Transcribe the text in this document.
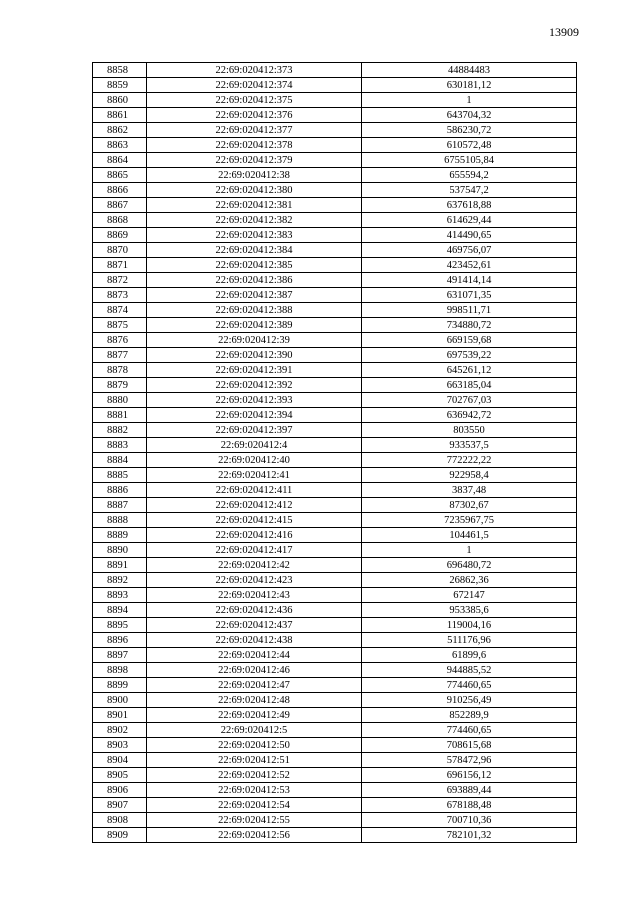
13909
8858	22:69:020412:373	44884483
8859	22:69:020412:374	630181,12
8860	22:69:020412:375	1
8861	22:69:020412:376	643704,32
8862	22:69:020412:377	586230,72
8863	22:69:020412:378	610572,48
8864	22:69:020412:379	6755105,84
8865	22:69:020412:38	655594,2
8866	22:69:020412:380	537547,2
8867	22:69:020412:381	637618,88
8868	22:69:020412:382	614629,44
8869	22:69:020412:383	414490,65
8870	22:69:020412:384	469756,07
8871	22:69:020412:385	423452,61
8872	22:69:020412:386	491414,14
8873	22:69:020412:387	631071,35
8874	22:69:020412:388	998511,71
8875	22:69:020412:389	734880,72
8876	22:69:020412:39	669159,68
8877	22:69:020412:390	697539,22
8878	22:69:020412:391	645261,12
8879	22:69:020412:392	663185,04
8880	22:69:020412:393	702767,03
8881	22:69:020412:394	636942,72
8882	22:69:020412:397	803550
8883	22:69:020412:4	933537,5
8884	22:69:020412:40	772222,22
8885	22:69:020412:41	922958,4
8886	22:69:020412:411	3837,48
8887	22:69:020412:412	87302,67
8888	22:69:020412:415	7235967,75
8889	22:69:020412:416	104461,5
8890	22:69:020412:417	1
8891	22:69:020412:42	696480,72
8892	22:69:020412:423	26862,36
8893	22:69:020412:43	672147
8894	22:69:020412:436	953385,6
8895	22:69:020412:437	119004,16
8896	22:69:020412:438	511176,96
8897	22:69:020412:44	61899,6
8898	22:69:020412:46	944885,52
8899	22:69:020412:47	774460,65
8900	22:69:020412:48	910256,49
8901	22:69:020412:49	852289,9
8902	22:69:020412:5	774460,65
8903	22:69:020412:50	708615,68
8904	22:69:020412:51	578472,96
8905	22:69:020412:52	696156,12
8906	22:69:020412:53	693889,44
8907	22:69:020412:54	678188,48
8908	22:69:020412:55	700710,36
8909	22:69:020412:56	782101,32
